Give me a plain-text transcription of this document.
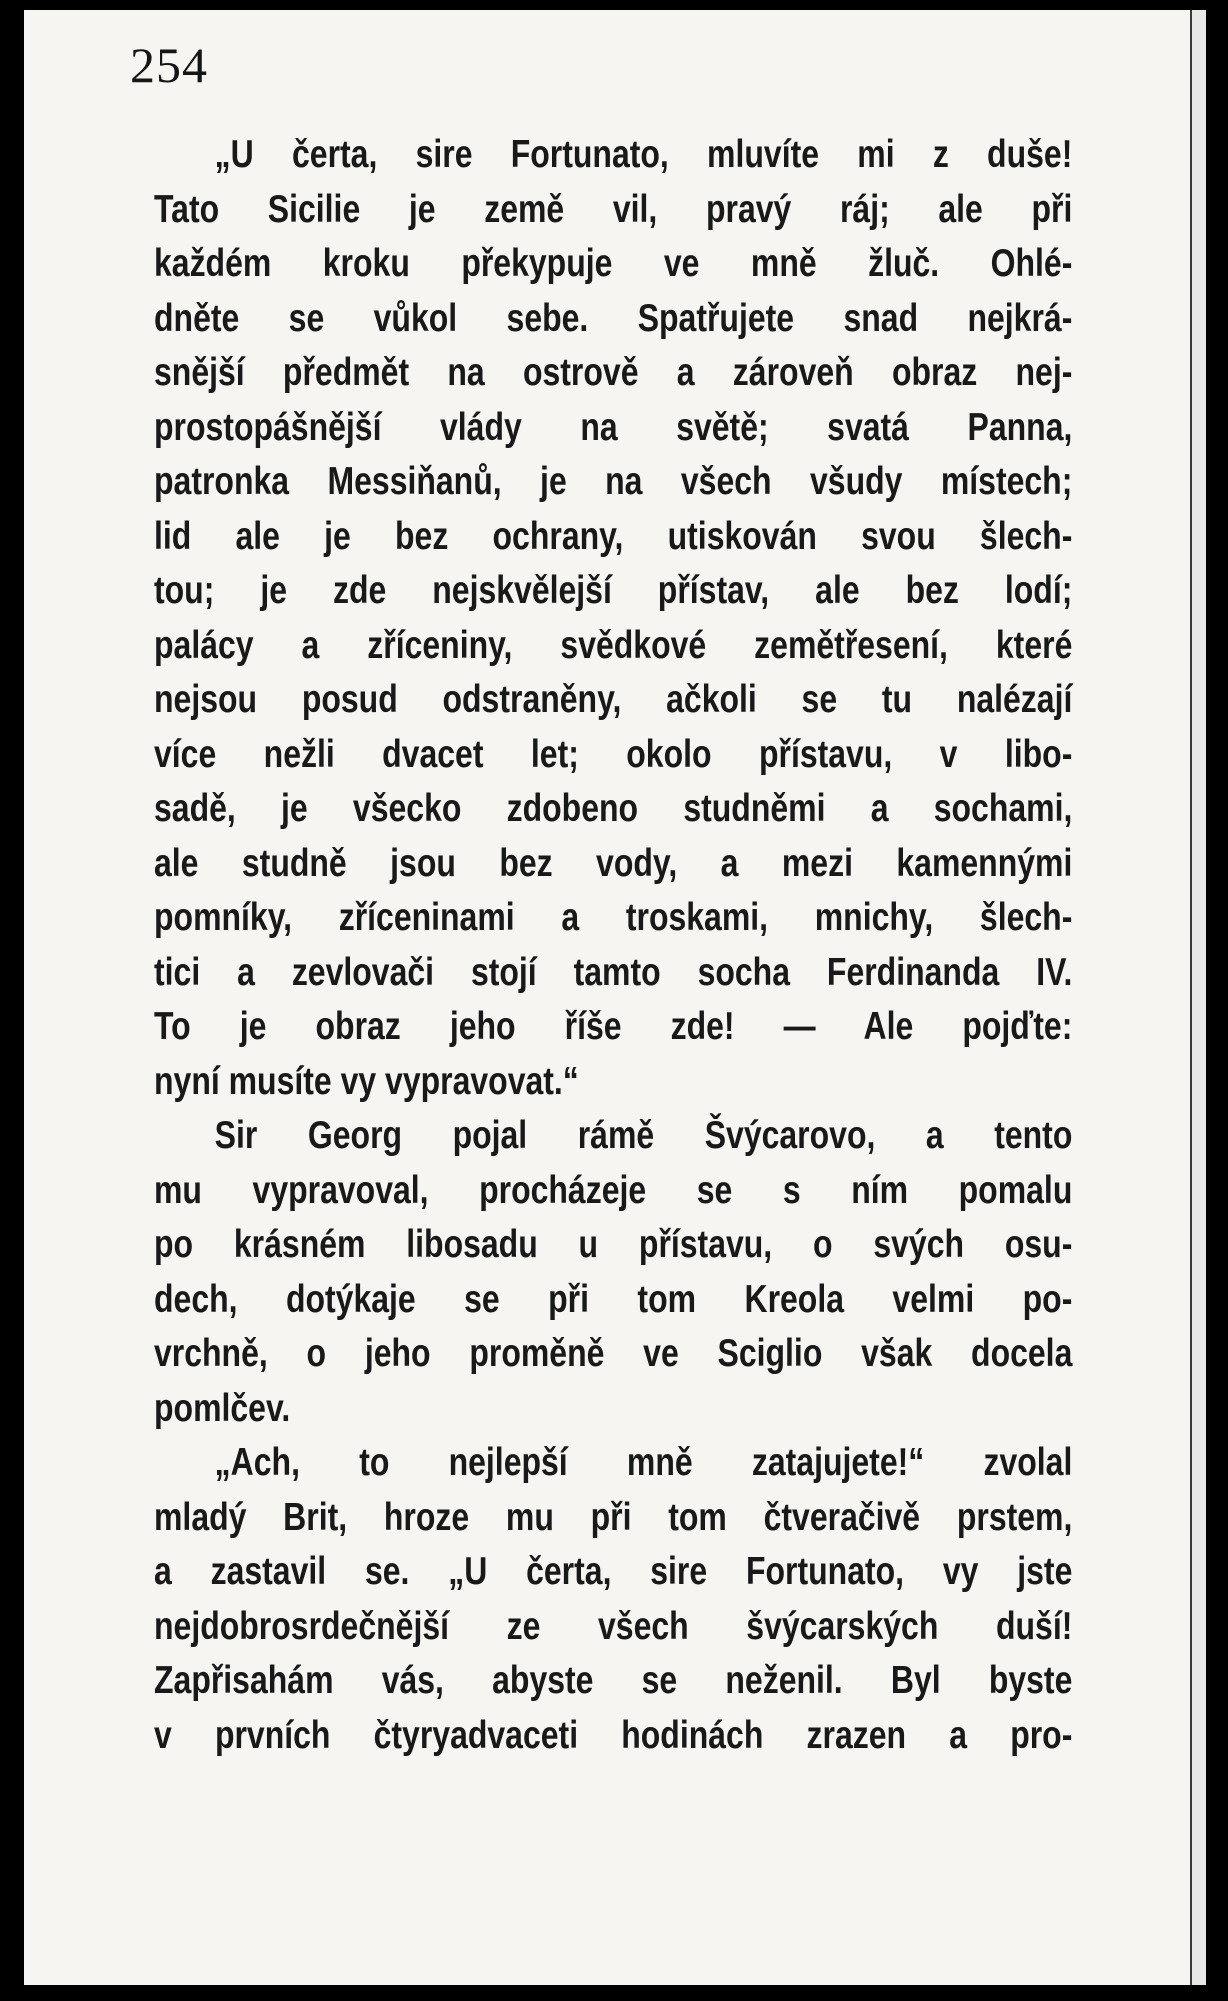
254
„U čerta, sire Fortunato, mluvíte mi z duše!
Tato Sicilie je země vil, pravý ráj; ale při
každém kroku překypuje ve mně žluč. Ohlé-
dněte se vůkol sebe. Spatřujete snad nejkrá-
snější předmět na ostrově a zároveň obraz nej-
prostopášnější vlády na světě; svatá Panna,
patronka Messiňanů, je na všech všudy místech;
lid ale je bez ochrany, utiskován svou šlech-
tou; je zde nejskvělejší přístav, ale bez lodí;
palácy a zříceniny, svědkové zemětřesení, které
nejsou posud odstraněny, ačkoli se tu nalézají
více nežli dvacet let; okolo přístavu, v libo-
sadě, je všecko zdobeno studněmi a sochami,
ale studně jsou bez vody, a mezi kamennými
pomníky, zříceninami a troskami, mnichy, šlech-
tici a zevlovači stojí tamto socha Ferdinanda IV.
To je obraz jeho říše zde! — Ale pojďte:
nyní musíte vy vypravovat.“
Sir Georg pojal rámě Švýcarovo, a tento
mu vypravoval, procházeje se s ním pomalu
po krásném libosadu u přístavu, o svých osu-
dech, dotýkaje se při tom Kreola velmi po-
vrchně, o jeho proměně ve Sciglio však docela
pomlčev.
„Ach, to nejlepší mně zatajujete!“ zvolal
mladý Brit, hroze mu při tom čtveračivě prstem,
a zastavil se. „U čerta, sire Fortunato, vy jste
nejdobrosrdečnější ze všech švýcarských duší!
Zapřisahám vás, abyste se neženil. Byl byste
v prvních čtyryadvaceti hodinách zrazen a pro-
